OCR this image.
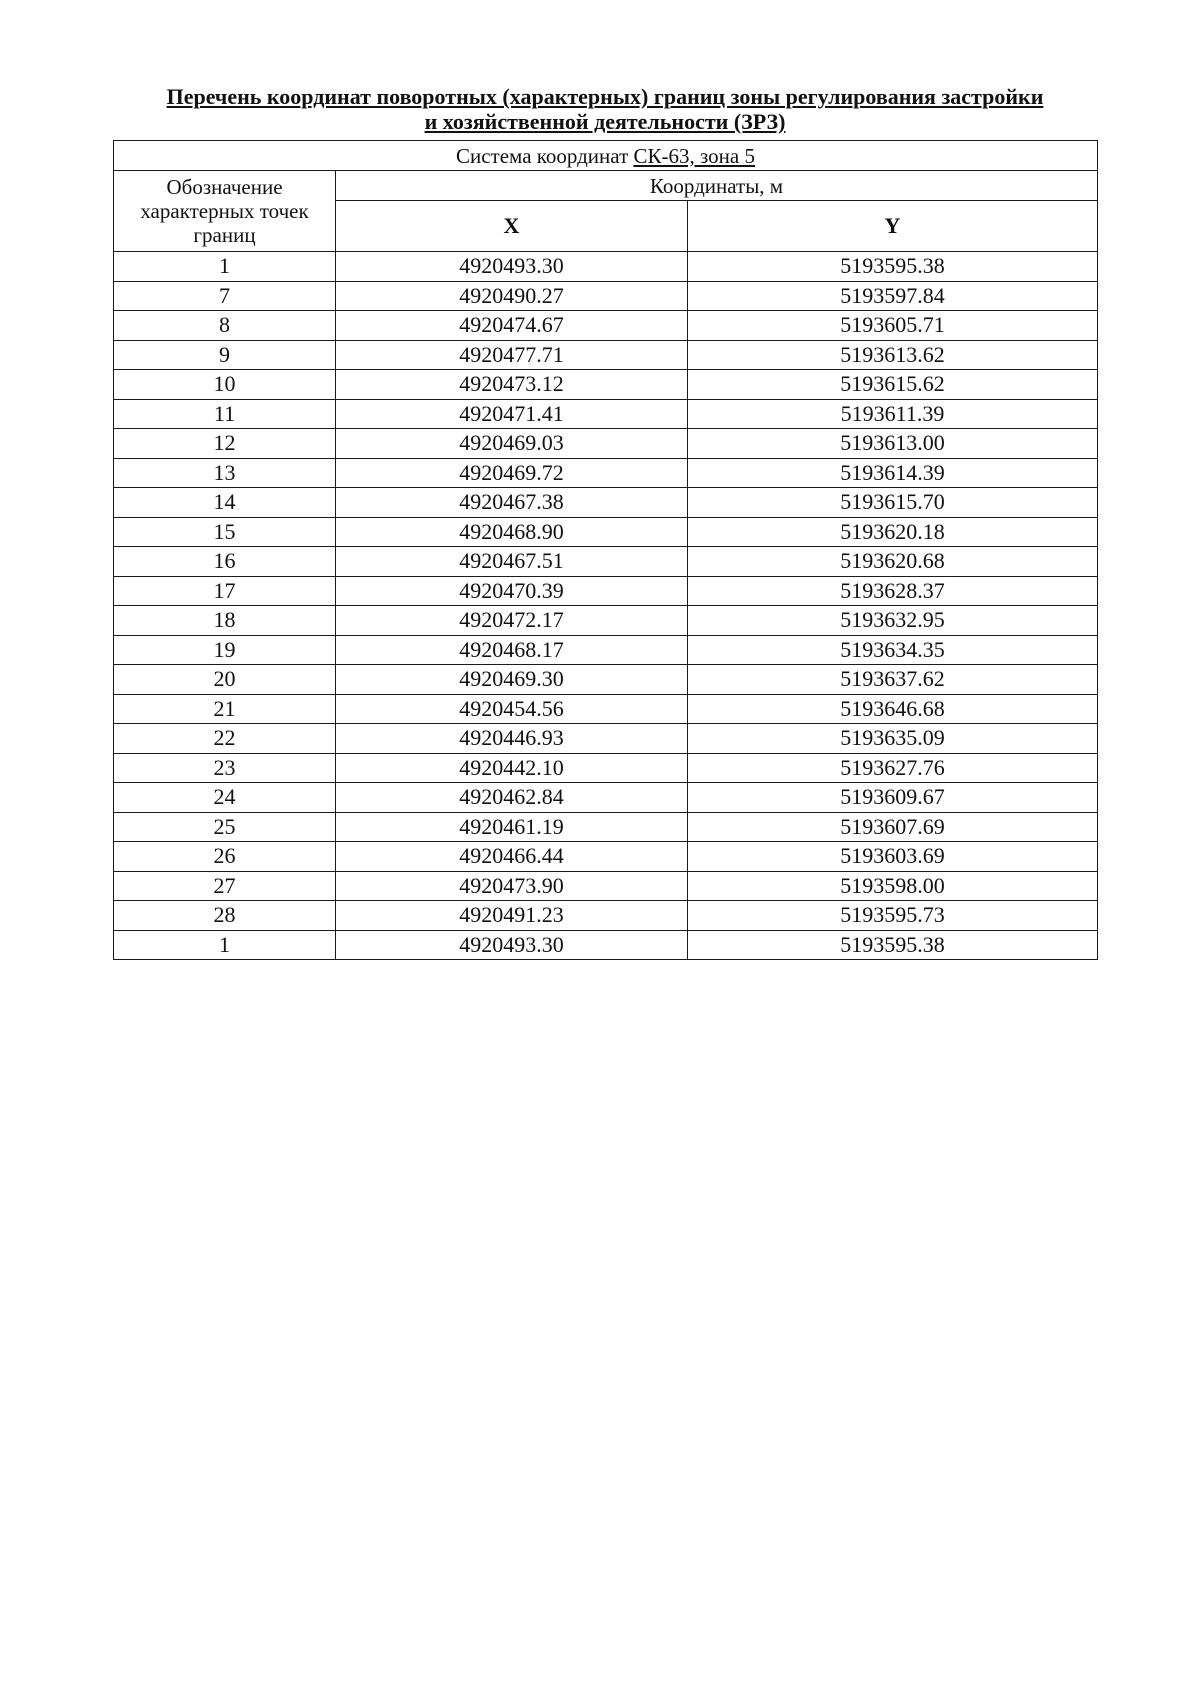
Перечень координат поворотных (характерных) границ зоны регулирования застройки
и хозяйственной деятельности (ЗРЗ)
Система координат СК-63, зона 5		
Обозначение характерных точек границ	Координаты, м	
	X	Y
1	4920493.30	5193595.38
7	4920490.27	5193597.84
8	4920474.67	5193605.71
9	4920477.71	5193613.62
10	4920473.12	5193615.62
11	4920471.41	5193611.39
12	4920469.03	5193613.00
13	4920469.72	5193614.39
14	4920467.38	5193615.70
15	4920468.90	5193620.18
16	4920467.51	5193620.68
17	4920470.39	5193628.37
18	4920472.17	5193632.95
19	4920468.17	5193634.35
20	4920469.30	5193637.62
21	4920454.56	5193646.68
22	4920446.93	5193635.09
23	4920442.10	5193627.76
24	4920462.84	5193609.67
25	4920461.19	5193607.69
26	4920466.44	5193603.69
27	4920473.90	5193598.00
28	4920491.23	5193595.73
1	4920493.30	5193595.38
